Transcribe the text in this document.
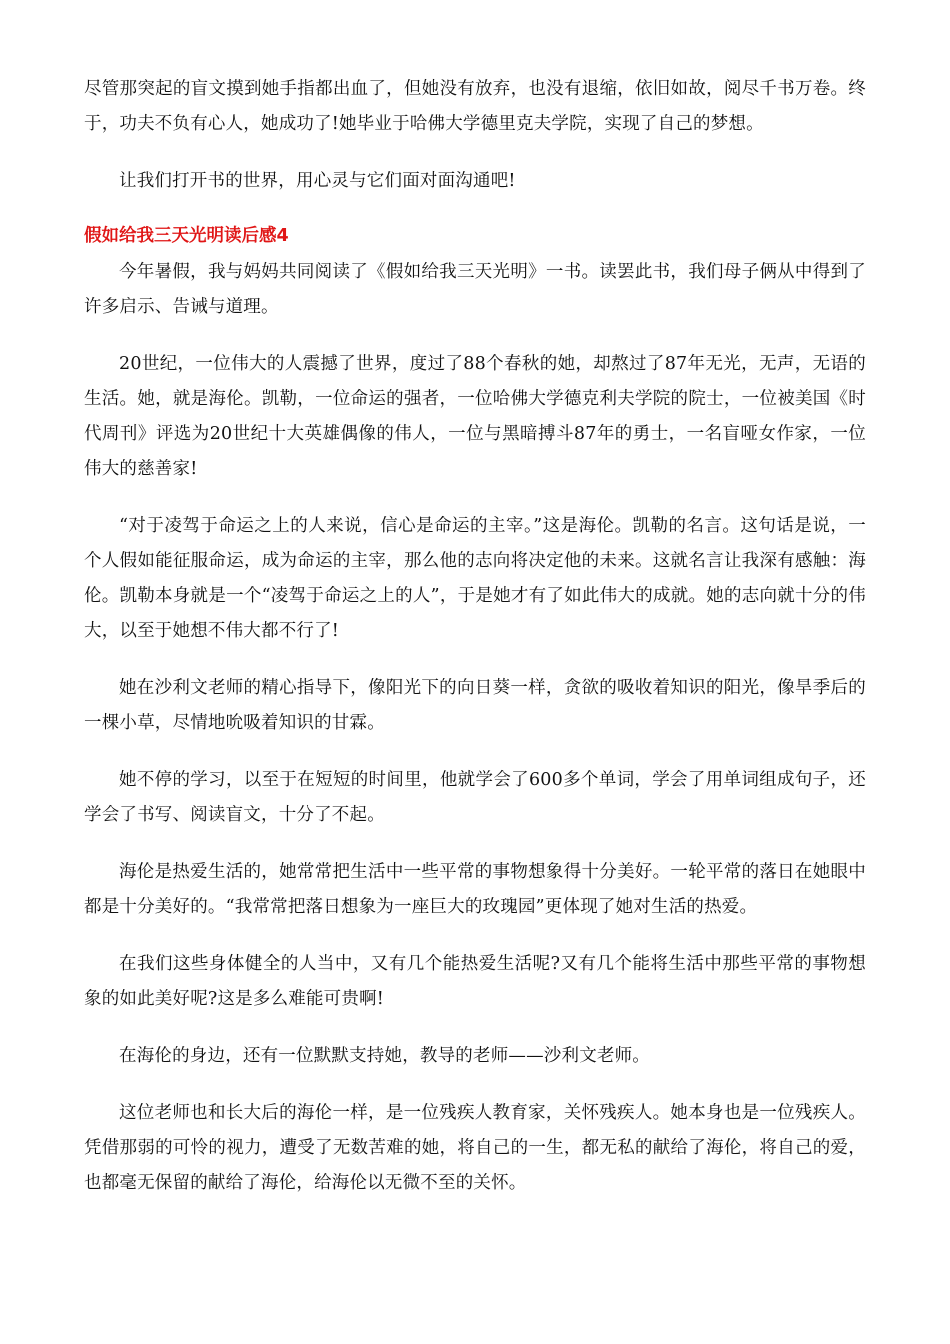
尽管那突起的盲文摸到她手指都出血了，但她没有放弃，也没有退缩，依旧如故，阅尽千书万卷。终于，功夫不负有心人，她成功了!她毕业于哈佛大学德里克夫学院，实现了自己的梦想。

让我们打开书的世界，用心灵与它们面对面沟通吧!

假如给我三天光明读后感4

今年暑假，我与妈妈共同阅读了《假如给我三天光明》一书。读罢此书，我们母子俩从中得到了许多启示、告诫与道理。

20世纪，一位伟大的人震撼了世界，度过了88个春秋的她，却熬过了87年无光，无声，无语的生活。她，就是海伦。凯勒，一位命运的强者，一位哈佛大学德克利夫学院的院士，一位被美国《时代周刊》评选为20世纪十大英雄偶像的伟人，一位与黑暗搏斗87年的勇士，一名盲哑女作家，一位伟大的慈善家!

“对于凌驾于命运之上的人来说，信心是命运的主宰。”这是海伦。凯勒的名言。这句话是说，一个人假如能征服命运，成为命运的主宰，那么他的志向将决定他的未来。这就名言让我深有感触：海伦。凯勒本身就是一个“凌驾于命运之上的人”，于是她才有了如此伟大的成就。她的志向就十分的伟大，以至于她想不伟大都不行了!

她在沙利文老师的精心指导下，像阳光下的向日葵一样，贪欲的吸收着知识的阳光，像旱季后的一棵小草，尽情地吮吸着知识的甘霖。

她不停的学习，以至于在短短的时间里，他就学会了600多个单词，学会了用单词组成句子，还学会了书写、阅读盲文，十分了不起。

海伦是热爱生活的，她常常把生活中一些平常的事物想象得十分美好。一轮平常的落日在她眼中都是十分美好的。“我常常把落日想象为一座巨大的玫瑰园”更体现了她对生活的热爱。

在我们这些身体健全的人当中，又有几个能热爱生活呢?又有几个能将生活中那些平常的事物想象的如此美好呢?这是多么难能可贵啊!

在海伦的身边，还有一位默默支持她，教导的老师——沙利文老师。

这位老师也和长大后的海伦一样，是一位残疾人教育家，关怀残疾人。她本身也是一位残疾人。凭借那弱的可怜的视力，遭受了无数苦难的她，将自己的一生，都无私的献给了海伦，将自己的爱，也都毫无保留的献给了海伦，给海伦以无微不至的关怀。
